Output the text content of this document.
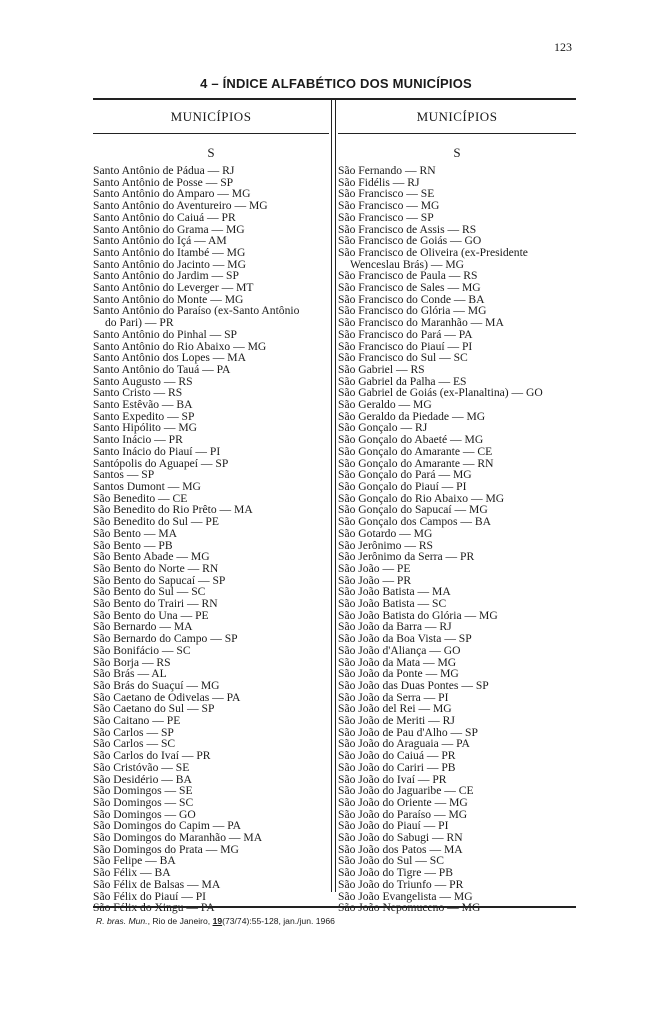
123
4 – ÍNDICE ALFABÉTICO DOS MUNICÍPIOS
MUNICÍPIOS
S
Santo Antônio de Pádua — RJ
Santo Antônio de Posse — SP
Santo Antônio do Amparo — MG
Santo Antônio do Aventureiro — MG
Santo Antônio do Caiuá — PR
Santo Antônio do Grama — MG
Santo Antônio do Içá — AM
Santo Antônio do Itambé — MG
Santo Antônio do Jacinto — MG
Santo Antônio do Jardim — SP
Santo Antônio do Leverger — MT
Santo Antônio do Monte — MG
Santo Antônio do Paraíso (ex-Santo Antônio
do Pari) — PR
Santo Antônio do Pinhal — SP
Santo Antônio do Rio Abaixo — MG
Santo Antônio dos Lopes — MA
Santo Antônio do Tauá — PA
Santo Augusto — RS
Santo Cristo — RS
Santo Estêvão — BA
Santo Expedito — SP
Santo Hipólito — MG
Santo Inácio — PR
Santo Inácio do Piauí — PI
Santópolis do Aguapeí — SP
Santos — SP
Santos Dumont — MG
São Benedito — CE
São Benedito do Rio Prêto — MA
São Benedito do Sul — PE
São Bento — MA
São Bento — PB
São Bento Abade — MG
São Bento do Norte — RN
São Bento do Sapucaí — SP
São Bento do Sul — SC
São Bento do Trairi — RN
São Bento do Una — PE
São Bernardo — MA
São Bernardo do Campo — SP
São Bonifácio — SC
São Borja — RS
São Brás — AL
São Brás do Suaçuí — MG
São Caetano de Odivelas — PA
São Caetano do Sul — SP
São Caitano — PE
São Carlos — SP
São Carlos — SC
São Carlos do Ivaí — PR
São Cristóvão — SE
São Desidério — BA
São Domingos — SE
São Domingos — SC
São Domingos — GO
São Domingos do Capim — PA
São Domingos do Maranhão — MA
São Domingos do Prata — MG
São Felipe — BA
São Félix — BA
São Félix de Balsas — MA
São Félix do Piauí — PI
São Félix do Xingu — PA
MUNICÍPIOS
S
São Fernando — RN
São Fidélis — RJ
São Francisco — SE
São Francisco — MG
São Francisco — SP
São Francisco de Assis — RS
São Francisco de Goiás — GO
São Francisco de Oliveira (ex-Presidente
Wenceslau Brás) — MG
São Francisco de Paula — RS
São Francisco de Sales — MG
São Francisco do Conde — BA
São Francisco do Glória — MG
São Francisco do Maranhão — MA
São Francisco do Pará — PA
São Francisco do Piauí — PI
São Francisco do Sul — SC
São Gabriel — RS
São Gabriel da Palha — ES
São Gabriel de Goiás (ex-Planaltina) — GO
São Geraldo — MG
São Geraldo da Piedade — MG
São Gonçalo — RJ
São Gonçalo do Abaeté — MG
São Gonçalo do Amarante — CE
São Gonçalo do Amarante — RN
São Gonçalo do Pará — MG
São Gonçalo do Piauí — PI
São Gonçalo do Rio Abaixo — MG
São Gonçalo do Sapucaí — MG
São Gonçalo dos Campos — BA
São Gotardo — MG
São Jerônimo — RS
São Jerônimo da Serra — PR
São João — PE
São João — PR
São João Batista — MA
São João Batista — SC
São João Batista do Glória — MG
São João da Barra — RJ
São João da Boa Vista — SP
São João d'Aliança — GO
São João da Mata — MG
São João da Ponte — MG
São João das Duas Pontes — SP
São João da Serra — PI
São João del Rei — MG
São João de Meriti — RJ
São João de Pau d'Alho — SP
São João do Araguaia — PA
São João do Caiuá — PR
São João do Cariri — PB
São João do Ivaí — PR
São João do Jaguaribe — CE
São João do Oriente — MG
São João do Paraíso — MG
São João do Piauí — PI
São João do Sabugi — RN
São João dos Patos — MA
São João do Sul — SC
São João do Tigre — PB
São João do Triunfo — PR
São João Evangelista — MG
São João Nepomuceno — MG
R. bras. Mun., Rio de Janeiro, 19(73/74):55-128, jan./jun. 1966
